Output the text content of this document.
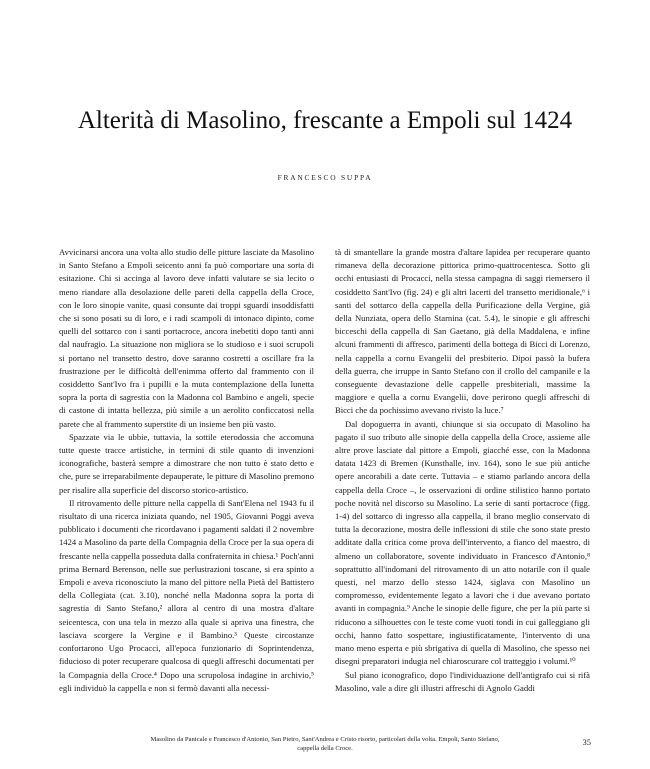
Alterità di Masolino, frescante a Empoli sul 1424
FRANCESCO SUPPA

Avvicinarsi ancora una volta allo studio delle pitture lasciate da Masolino in Santo Stefano a Empoli seicento anni fa può comportare una sorta di esitazione. Chi si accinga al lavoro deve infatti valutare se sia lecito o meno riandare alla desolazione delle pareti della cappella della Croce, con le loro sinopie vanite, quasi consunte dai troppi sguardi insoddisfatti che si sono posati su di loro, e i radi scampoli di intonaco dipinto, come quelli del sottarco con i santi portacroce, ancora inebetiti dopo tanti anni dal naufragio. La situazione non migliora se lo studioso e i suoi scrupoli si portano nel transetto destro, dove saranno costretti a oscillare fra la frustrazione per le difficoltà dell'enimma offerto dal frammento con il cosiddetto Sant'Ivo fra i pupilli e la muta contemplazione della lunetta sopra la porta di sagrestia con la Madonna col Bambino e angeli, specie di castone di intatta bellezza, più simile a un aerolito conficcatosi nella parete che al frammento superstite di un insieme ben più vasto.

Spazzate via le ubbie, tuttavia, la sottile eterodossia che accomuna tutte queste tracce artistiche, in termini di stile quanto di invenzioni iconografiche, basterà sempre a dimostrare che non tutto è stato detto e che, pure se irreparabilmente depauperate, le pitture di Masolino premono per risalire alla superficie del discorso storico-artistico.

Il ritrovamento delle pitture nella cappella di Sant'Elena nel 1943 fu il risultato di una ricerca iniziata quando, nel 1905, Giovanni Poggi aveva pubblicato i documenti che ricordavano i pagamenti saldati il 2 novembre 1424 a Masolino da parte della Compagnia della Croce per la sua opera di frescante nella cappella posseduta dalla confraternita in chiesa.¹ Poch'anni prima Bernard Berenson, nelle sue perlustrazioni toscane, si era spinto a Empoli e aveva riconosciuto la mano del pittore nella Pietà del Battistero della Collegiata (cat. 3.10), nonché nella Madonna sopra la porta di sagrestia di Santo Stefano,² allora al centro di una mostra d'altare seicentesca, con una tela in mezzo alla quale si apriva una finestra, che lasciava scorgere la Vergine e il Bambino.³ Queste circostanze confortarono Ugo Procacci, all'epoca funzionario di Soprintendenza, fiducioso di poter recuperare qualcosa di quegli affreschi documentati per la Compagnia della Croce.⁴ Dopo una scrupolosa indagine in archivio,⁵ egli individuò la cappella e non si fermò davanti alla necessi-

tà di smantellare la grande mostra d'altare lapidea per recuperare quanto rimaneva della decorazione pittorica primo-quattrocentesca. Sotto gli occhi entusiasti di Procacci, nella stessa campagna di saggi riemersero il cosiddetto Sant'Ivo (fig. 24) e gli altri lacerti del transetto meridionale,⁶ i santi del sottarco della cappella della Purificazione della Vergine, già della Nunziata, opera dello Starnina (cat. 5.4), le sinopie e gli affreschi bicceschi della cappella di San Gaetano, già della Maddalena, e infine alcuni frammenti di affresco, parimenti della bottega di Bicci di Lorenzo, nella cappella a cornu Evangelii del presbiterio. Dipoi passò la bufera della guerra, che irruppe in Santo Stefano con il crollo del campanile e la conseguente devastazione delle cappelle presbiteriali, massime la maggiore e quella a cornu Evangelii, dove perirono quegli affreschi di Bicci che da pochissimo avevano rivisto la luce.⁷

Dal dopoguerra in avanti, chiunque si sia occupato di Masolino ha pagato il suo tributo alle sinopie della cappella della Croce, assieme alle altre prove lasciate dal pittore a Empoli, giacché esse, con la Madonna datata 1423 di Bremen (Kunsthalle, inv. 164), sono le sue più antiche opere ancorabili a date certe. Tuttavia – e stiamo parlando ancora della cappella della Croce –, le osservazioni di ordine stilistico hanno portato poche novità nel discorso su Masolino. La serie di santi portacroce (figg. 1-4) del sottarco di ingresso alla cappella, il brano meglio conservato di tutta la decorazione, mostra delle inflessioni di stile che sono state presto additate dalla critica come prova dell'intervento, a fianco del maestro, di almeno un collaboratore, sovente individuato in Francesco d'Antonio,⁸ soprattutto all'indomani del ritrovamento di un atto notarile con il quale questi, nel marzo dello stesso 1424, siglava con Masolino un compromesso, evidentemente legato a lavori che i due avevano portato avanti in compagnia.⁹ Anche le sinopie delle figure, che per la più parte si riducono a silhouettes con le teste come vuoti tondi in cui galleggiano gli occhi, hanno fatto sospettare, ingiustificatamente, l'intervento di una mano meno esperta e più sbrigativa di quella di Masolino, che spesso nei disegni preparatori indugia nel chiaroscurare col tratteggio i volumi.¹⁰

Sul piano iconografico, dopo l'individuazione dell'antigrafo cui si rifà Masolino, vale a dire gli illustri affreschi di Agnolo Gaddi

Masolino da Panicale e Francesco d'Antonio, San Pietro, Sant'Andrea e Cristo risorto, particolari della volta. Empoli, Santo Stefano, cappella della Croce.
35
